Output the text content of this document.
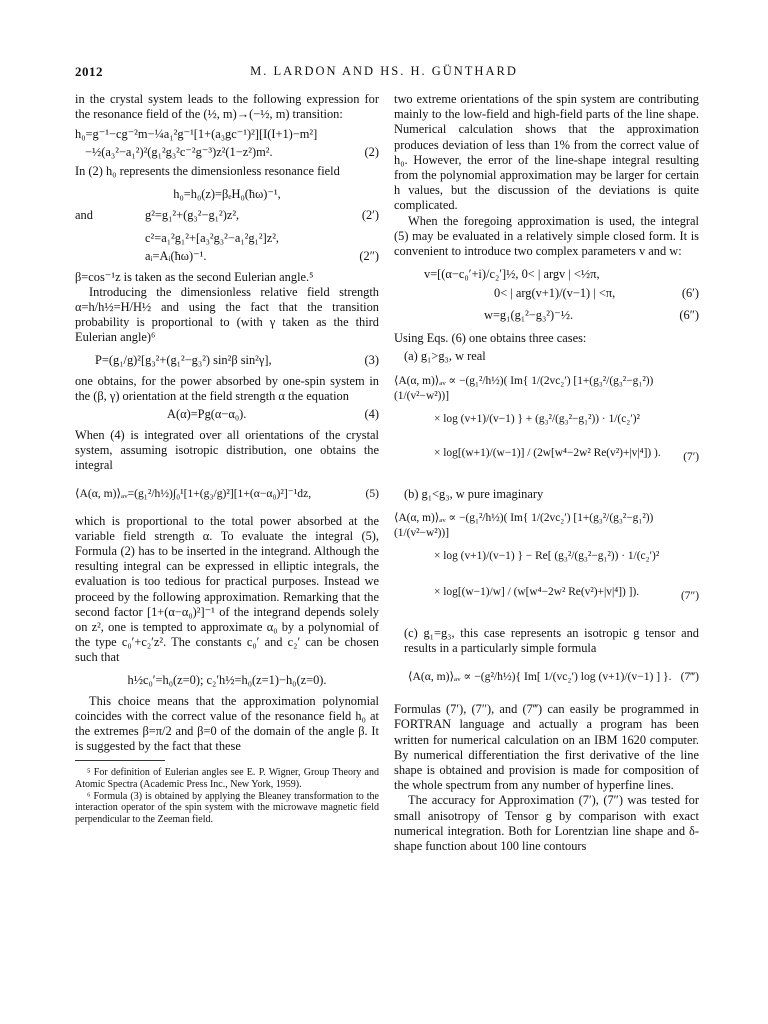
2012	M. LARDON AND HS. H. GÜNTHARD

in the crystal system leads to the following expression for the resonance field of the (½, m)→(−½, m) transition:

h₀=g⁻¹−cg⁻²m−¼a₁²g⁻¹[1+(a₃gc⁻¹)²][I(I+1)−m²]
−½(a₃²−a₁²)²(g₁²g₃²c⁻²g⁻³)z²(1−z²)m².	(2)

In (2) h₀ represents the dimensionless resonance field

h₀=h₀(z)=βₑH₀(ħω)⁻¹,
and	g²=g₁²+(g₃²−g₁²)z²,	(2′)
c²=a₁²g₁²+[a₃²g₃²−a₁²g₁²]z²,
aᵢ=Aᵢ(ħω)⁻¹.	(2″)

β=cos⁻¹z is taken as the second Eulerian angle.⁵

Introducing the dimensionless relative field strength α=h/h½=H/H½ and using the fact that the transition probability is proportional to (with γ taken as the third Eulerian angle)⁶

P=(g₁/g)²[g₃²+(g₁²−g₃²) sin²β sin²γ],	(3)

one obtains, for the power absorbed by one-spin system in the (β, γ) orientation at the field strength α the equation

A(α)=Pg(α−α₀).	(4)

When (4) is integrated over all orientations of the crystal system, assuming isotropic distribution, one obtains the integral

⟨A(α, m)⟩ₐᵥ=(g₁²/h½)∫₀¹[1+(g₃/g)²][1+(α−α₀)²]⁻¹dz,	(5)

which is proportional to the total power absorbed at the variable field strength α. To evaluate the integral (5), Formula (2) has to be inserted in the integrand. Although the resulting integral can be expressed in elliptic integrals, the evaluation is too tedious for practical purposes. Instead we proceed by the following approximation. Remarking that the second factor [1+(α−α₀)²]⁻¹ of the integrand depends solely on z², one is tempted to approximate α₀ by a polynomial of the type c₀′+c₂′z². The constants c₀′ and c₂′ can be chosen such that

h½c₀′=h₀(z=0); c₂′h½=h₀(z=1)−h₀(z=0).

This choice means that the approximation polynomial coincides with the correct value of the resonance field h₀ at the extremes β=π/2 and β=0 of the domain of the angle β. It is suggested by the fact that these

⁵ For definition of Eulerian angles see E. P. Wigner, Group Theory and Atomic Spectra (Academic Press Inc., New York, 1959).

⁶ Formula (3) is obtained by applying the Bleaney transformation to the interaction operator of the spin system with the microwave magnetic field perpendicular to the Zeeman field.

two extreme orientations of the spin system are contributing mainly to the low-field and high-field parts of the line shape. Numerical calculation shows that the approximation produces deviation of less than 1% from the correct value of h₀. However, the error of the line-shape integral resulting from the polynomial approximation may be larger for certain h values, but the discussion of the deviations is quite complicated.

When the foregoing approximation is used, the integral (5) may be evaluated in a relatively simple closed form. It is convenient to introduce two complex parameters v and w:

v=[(α−c₀′+i)/c₂′]½, 0< | argv | <½π,
0< | arg(v+1)/(v−1) | <π,	(6′)
w=g₁(g₁²−g₃²)⁻½.	(6″)

Using Eqs. (6) one obtains three cases:

(a) g₁>g₃, w real

⟨A(α, m)⟩ₐᵥ ∝ −(g₁²/h½)( Im{ 1/(2vc₂′) [1+(g₃²/(g₃²−g₁²))(1/(v²−w²))]
× log (v+1)/(v−1) } + (g₃²/(g₃²−g₁²)) · 1/(c₂′)²
× log[(w+1)/(w−1)] / (2w[w⁴−2w² Re(v²)+|v|⁴]) ). (7′)

(b) g₁<g₃, w pure imaginary

⟨A(α, m)⟩ₐᵥ ∝ −(g₁²/h½)( Im{ 1/(2vc₂′) [1+(g₃²/(g₃²−g₁²))(1/(v²−w²))]
× log (v+1)/(v−1) } − Re[ (g₃²/(g₃²−g₁²)) · 1/(c₂′)²
× log[(w−1)/w] / (w[w⁴−2w² Re(v²)+|v|⁴]) ]).	(7″)

(c) g₁=g₃, this case represents an isotropic g tensor and results in a particularly simple formula

⟨A(α, m)⟩ₐᵥ ∝ −(g²/h½){ Im[ 1/(vc₂′) log (v+1)/(v−1) ] }. (7‴)

Formulas (7′), (7″), and (7‴) can easily be programmed in FORTRAN language and actually a program has been written for numerical calculation on an IBM 1620 computer. By numerical differentiation the first derivative of the line shape is obtained and provision is made for composition of the whole spectrum from any number of hyperfine lines.

The accuracy for Approximation (7′), (7″) was tested for small anisotropy of Tensor g by comparison with exact numerical integration. Both for Lorentzian line shape and δ-shape function about 100 line contours
